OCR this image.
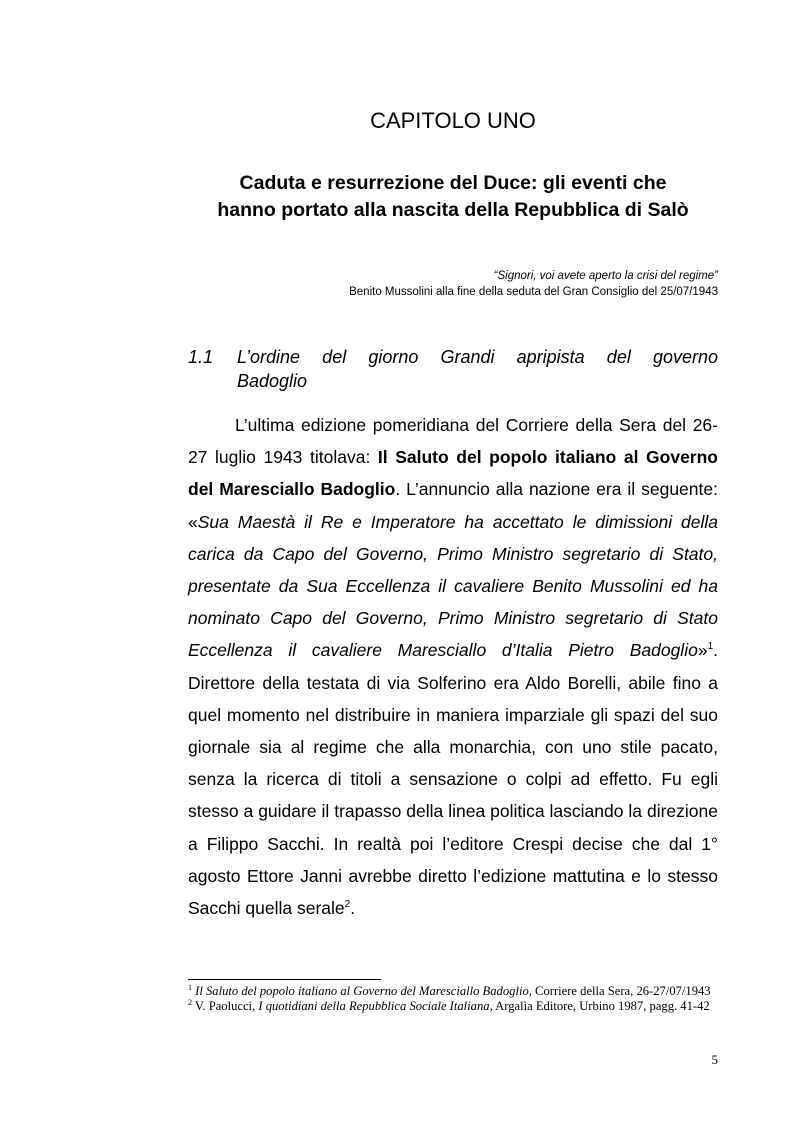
CAPITOLO UNO
Caduta e resurrezione del Duce: gli eventi che
hanno portato alla nascita della Repubblica di Salò
“Signori, voi avete aperto la crisi del regime”
Benito Mussolini alla fine della seduta del Gran Consiglio del 25/07/1943
1.1 L’ordine del giorno Grandi apripista del governo
Badoglio

L’ultima edizione pomeridiana del Corriere della Sera del 26-27 luglio 1943 titolava: Il Saluto del popolo italiano al Governo del Maresciallo Badoglio. L’annuncio alla nazione era il seguente: «Sua Maestà il Re e Imperatore ha accettato le dimissioni della carica da Capo del Governo, Primo Ministro segretario di Stato, presentate da Sua Eccellenza il cavaliere Benito Mussolini ed ha nominato Capo del Governo, Primo Ministro segretario di Stato Eccellenza il cavaliere Maresciallo d’Italia Pietro Badoglio»$^1$. Direttore della testata di via Solferino era Aldo Borelli, abile fino a quel momento nel distribuire in maniera imparziale gli spazi del suo giornale sia al regime che alla monarchia, con uno stile pacato, senza la ricerca di titoli a sensazione o colpi ad effetto. Fu egli stesso a guidare il trapasso della linea politica lasciando la direzione a Filippo Sacchi. In realtà poi l’editore Crespi decise che dal 1° agosto Ettore Janni avrebbe diretto l’edizione mattutina e lo stesso Sacchi quella serale$^2$.

$^1$ Il Saluto del popolo italiano al Governo del Maresciallo Badoglio, Corriere della Sera, 26-27/07/1943

$^2$ V. Paolucci, I quotidiani della Repubblica Sociale Italiana, Argalìa Editore, Urbino 1987, pagg. 41-42

5
